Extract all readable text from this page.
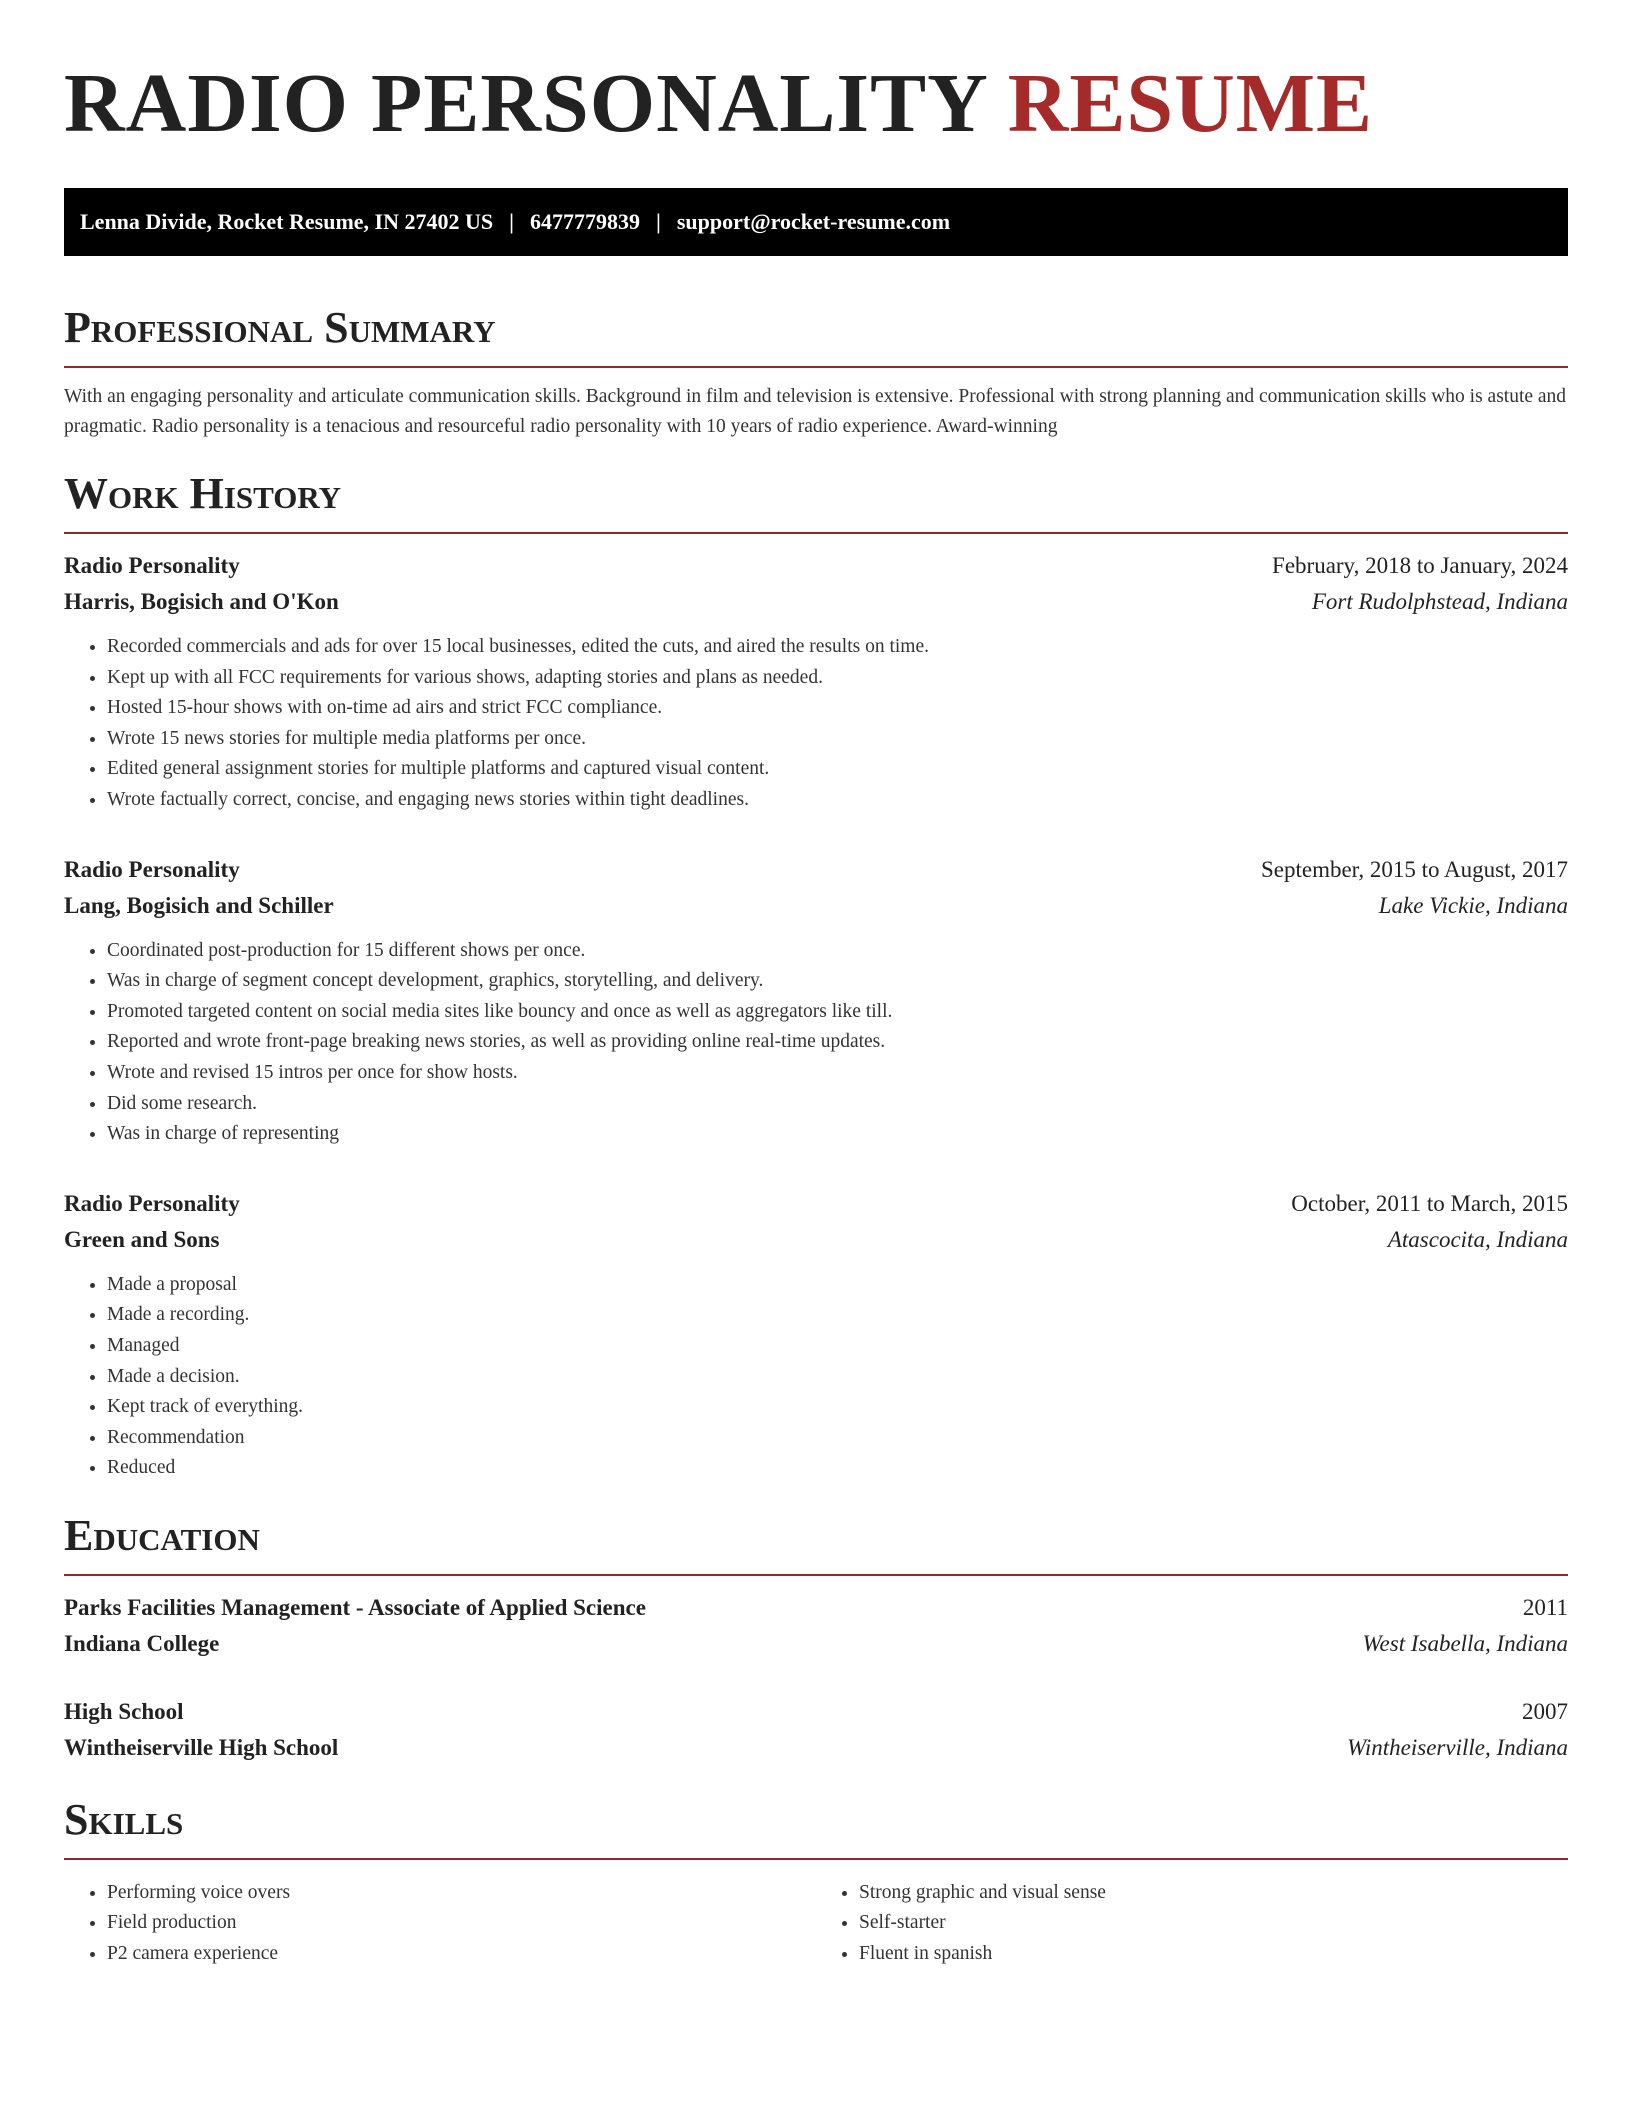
RADIO PERSONALITY RESUME
Lenna Divide, Rocket Resume, IN 27402 US | 6477779839 | support@rocket-resume.com
Professional Summary

With an engaging personality and articulate communication skills. Background in film and television is extensive. Professional with strong planning and communication skills who is astute and pragmatic. Radio personality is a tenacious and resourceful radio personality with 10 years of radio experience. Award-winning

Work History
Radio Personality	February, 2018 to January, 2024
Harris, Bogisich and O'Kon	Fort Rudolphstead, Indiana
• Recorded commercials and ads for over 15 local businesses, edited the cuts, and aired the results on time.
• Kept up with all FCC requirements for various shows, adapting stories and plans as needed.
• Hosted 15-hour shows with on-time ad airs and strict FCC compliance.
• Wrote 15 news stories for multiple media platforms per once.
• Edited general assignment stories for multiple platforms and captured visual content.
• Wrote factually correct, concise, and engaging news stories within tight deadlines.
Radio Personality	September, 2015 to August, 2017
Lang, Bogisich and Schiller	Lake Vickie, Indiana
• Coordinated post-production for 15 different shows per once.
• Was in charge of segment concept development, graphics, storytelling, and delivery.
• Promoted targeted content on social media sites like bouncy and once as well as aggregators like till.
• Reported and wrote front-page breaking news stories, as well as providing online real-time updates.
• Wrote and revised 15 intros per once for show hosts.
• Did some research.
• Was in charge of representing
Radio Personality	October, 2011 to March, 2015
Green and Sons	Atascocita, Indiana
• Made a proposal
• Made a recording.
• Managed
• Made a decision.
• Kept track of everything.
• Recommendation
• Reduced
Education
Parks Facilities Management - Associate of Applied Science	2011
Indiana College	West Isabella, Indiana
High School	2007
Wintheiserville High School	Wintheiserville, Indiana
Skills
• Performing voice overs
• Field production
• P2 camera experience
• Strong graphic and visual sense
• Self-starter
• Fluent in spanish
